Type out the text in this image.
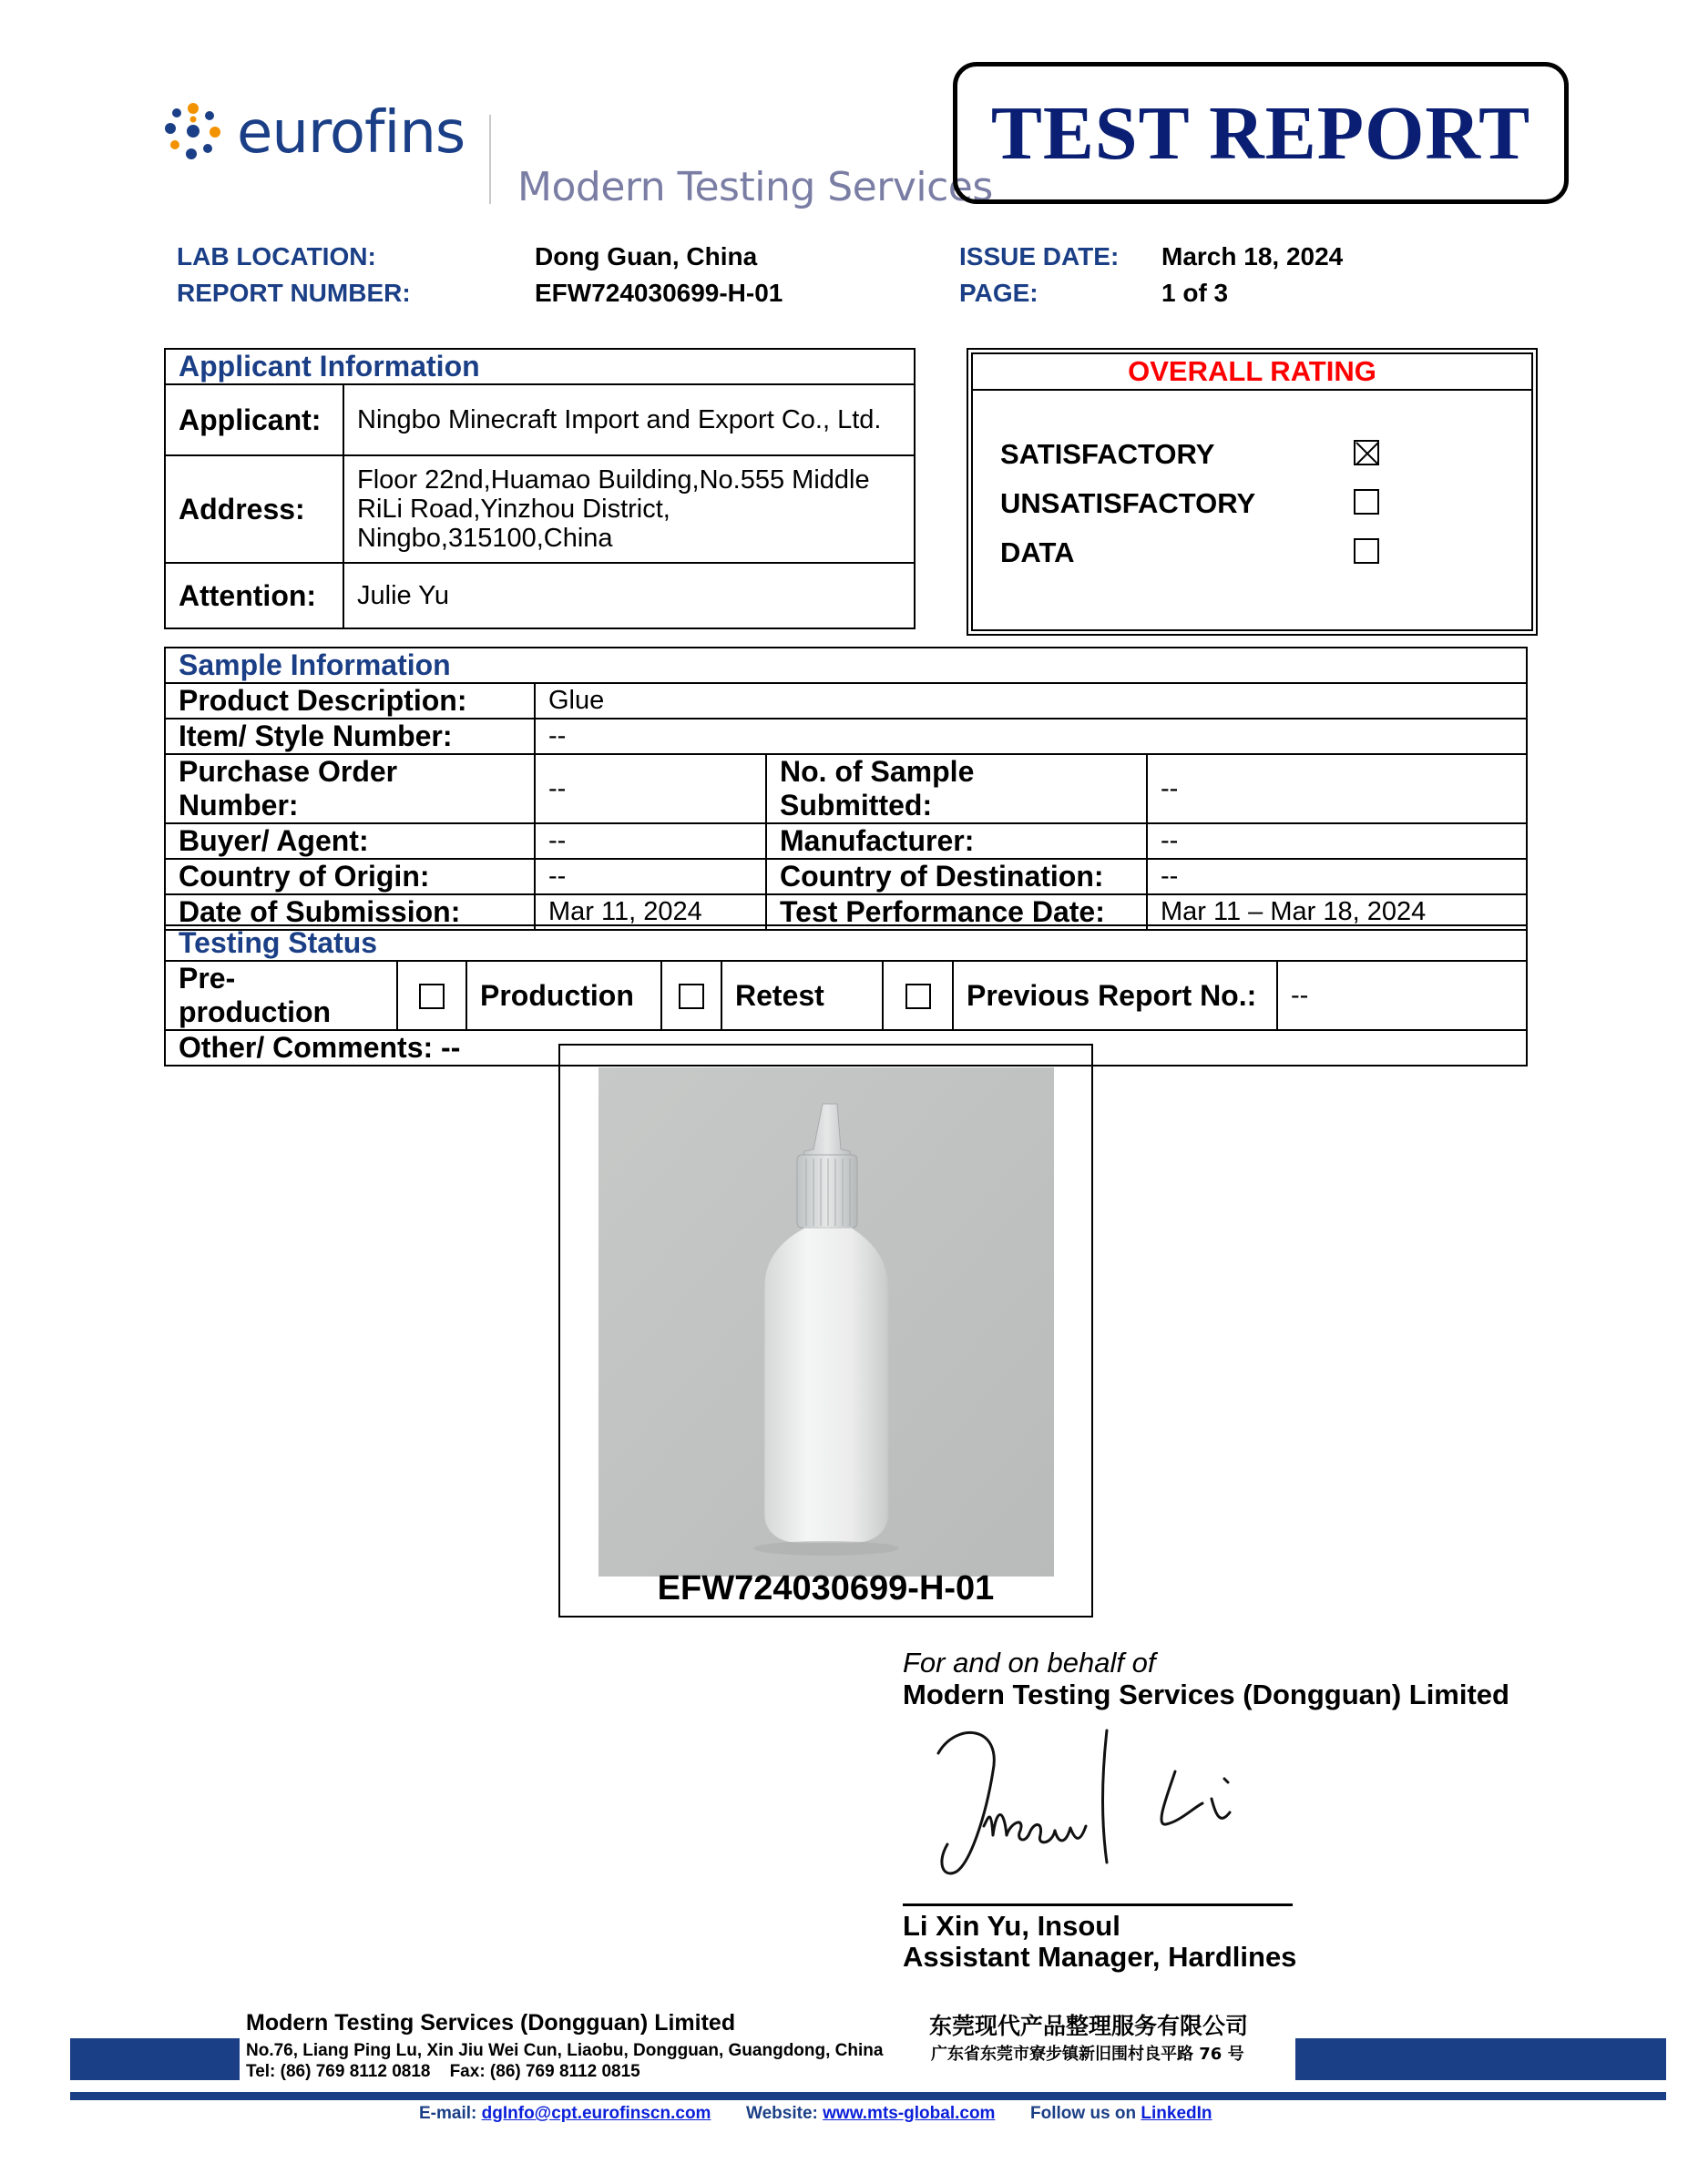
eurofins
Modern Testing Services
TEST REPORT
LAB LOCATION:	Dong Guan, China
REPORT NUMBER:	EFW724030699-H-01
ISSUE DATE: March 18, 2024
PAGE:	1 of 3
Applicant Information	
Applicant:	Ningbo Minecraft Import and Export Co., Ltd.
Address:	Floor 22nd,Huamao Building,No.555 Middle
RiLi Road,Yinzhou District,
Ningbo,315100,China

Attention:	Julie Yu
OVERALL RATING
SATISFACTORY
UNSATISFACTORY
DATA
Sample Information			
Product Description:	Glue		
Item/ Style Number:	--		
Purchase Order Number:	--	No. of Sample Submitted:	--
Buyer/ Agent:	--	Manufacturer:	--
Country of Origin:	--	Country of Destination:	--
Date of Submission:	Mar 11, 2024	Test Performance Date:	Mar 11 – Mar 18, 2024
Testing Status
Pre-production		Production		Retest		Previous Report No.:	--
Other/ Comments: --
EFW724030699-H-01
For and on behalf of
Modern Testing Services (Dongguan) Limited
Li Xin Yu, Insoul
Assistant Manager, Hardlines
Modern Testing Services (Dongguan) Limited
No.76, Liang Ping Lu, Xin Jiu Wei Cun, Liaobu, Dongguan, Guangdong, China
Tel: (86) 769 8112 0818    Fax: (86) 769 8112 0815
东莞现代产品整理服务有限公司
广东省东莞市寮步镇新旧围村良平路 76 号
E-mail: dgInfo@cpt.eurofinscn.com Website: www.mts-global.com Follow us on LinkedIn
